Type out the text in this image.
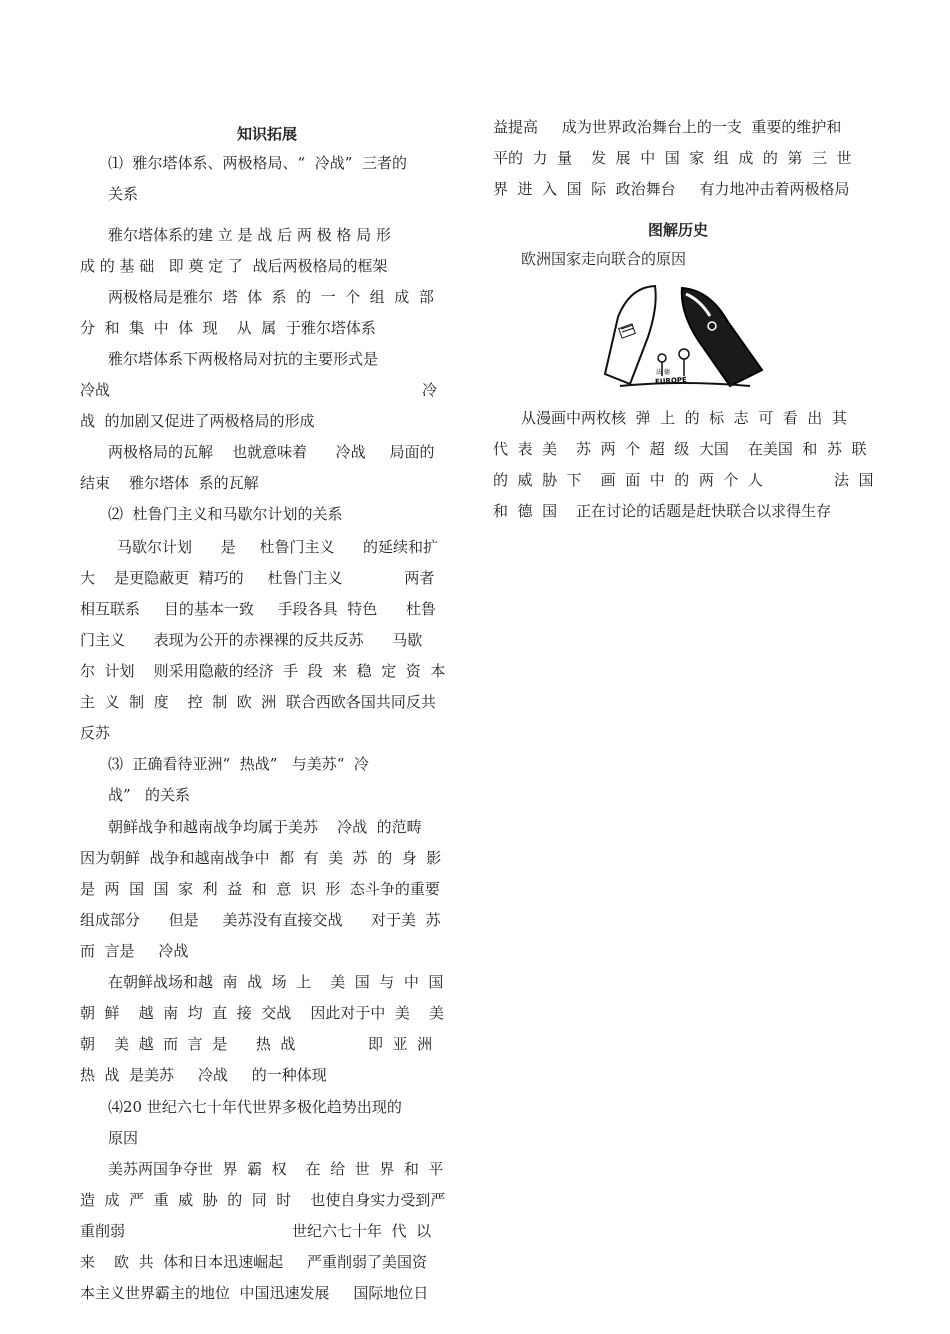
知识拓展
⑴  雅尔塔体系、两极格局、“  冷战”  三者的
关系
雅尔塔体系的建 立 是 战 后 两 极 格 局 形
成 的 基 础   即 奠 定 了  战后两极格局的框架
两极格局是雅尔  塔  体  系  的  一  个  组  成  部
分  和  集  中  体  现    从  属  于雅尔塔体系
雅尔塔体系下两极格局对抗的主要形式是
冷战	冷
战  的加剧又促进了两极格局的形成
两极格局的瓦解    也就意味着      冷战     局面的
结束    雅尔塔体  系的瓦解
⑵  杜鲁门主义和马歇尔计划的关系
马歇尔计划      是     杜鲁门主义      的延续和扩
大    是更隐蔽更  精巧的     杜鲁门主义             两者
相互联系     目的基本一致     手段各具  特色      杜鲁
门主义      表现为公开的赤裸裸的反共反苏      马歇
尔  计划    则采用隐蔽的经济  手  段  来  稳  定  资  本
主  义  制  度    控  制  欧  洲  联合西欧各国共同反共
反苏
⑶  正确看待亚洲“  热战”   与美苏“  冷
战”   的关系
朝鲜战争和越南战争均属于美苏    冷战  的范畴
因为朝鲜  战争和越南战争中  都  有  美  苏  的  身  影
是  两  国  国  家  利  益  和  意  识  形  态斗争的重要
组成部分      但是     美苏没有直接交战      对于美  苏
而  言是     冷战
在朝鲜战场和越  南  战  场  上    美  国  与  中  国
朝  鲜    越  南  均  直  接  交战    因此对于中  美    美
朝    美  越  而  言  是      热  战	即  亚  洲
热  战  是美苏     冷战     的一种体现
⑷20 世纪六七十年代世界多极化趋势出现的
原因
美苏两国争夺世  界  霸  权    在  给  世  界  和  平
造  成  严  重  威  胁  的  同  时    也使自身实力受到严
重削弱	世纪六七十年  代  以
来    欧  共  体和日本迅速崛起     严重削弱了美国资
本主义世界霸主的地位  中国迅速发展     国际地位日
益提高     成为世界政治舞台上的一支  重要的维护和
平的  力  量    发  展  中  国  家  组  成  的  第  三  世
界  进  入  国  际  政治舞台     有力地冲击着两极格局
图解历史
欧洲国家走向联合的原因
法 德
EUROPE
从漫画中两枚核  弹  上  的  标  志  可  看  出  其
代  表  美    苏  两  个  超  级  大国    在美国  和  苏  联
的  威  胁  下    画  面  中  的  两  个  人	法  国
和  德  国    正在讨论的话题是赶快联合以求得生存
